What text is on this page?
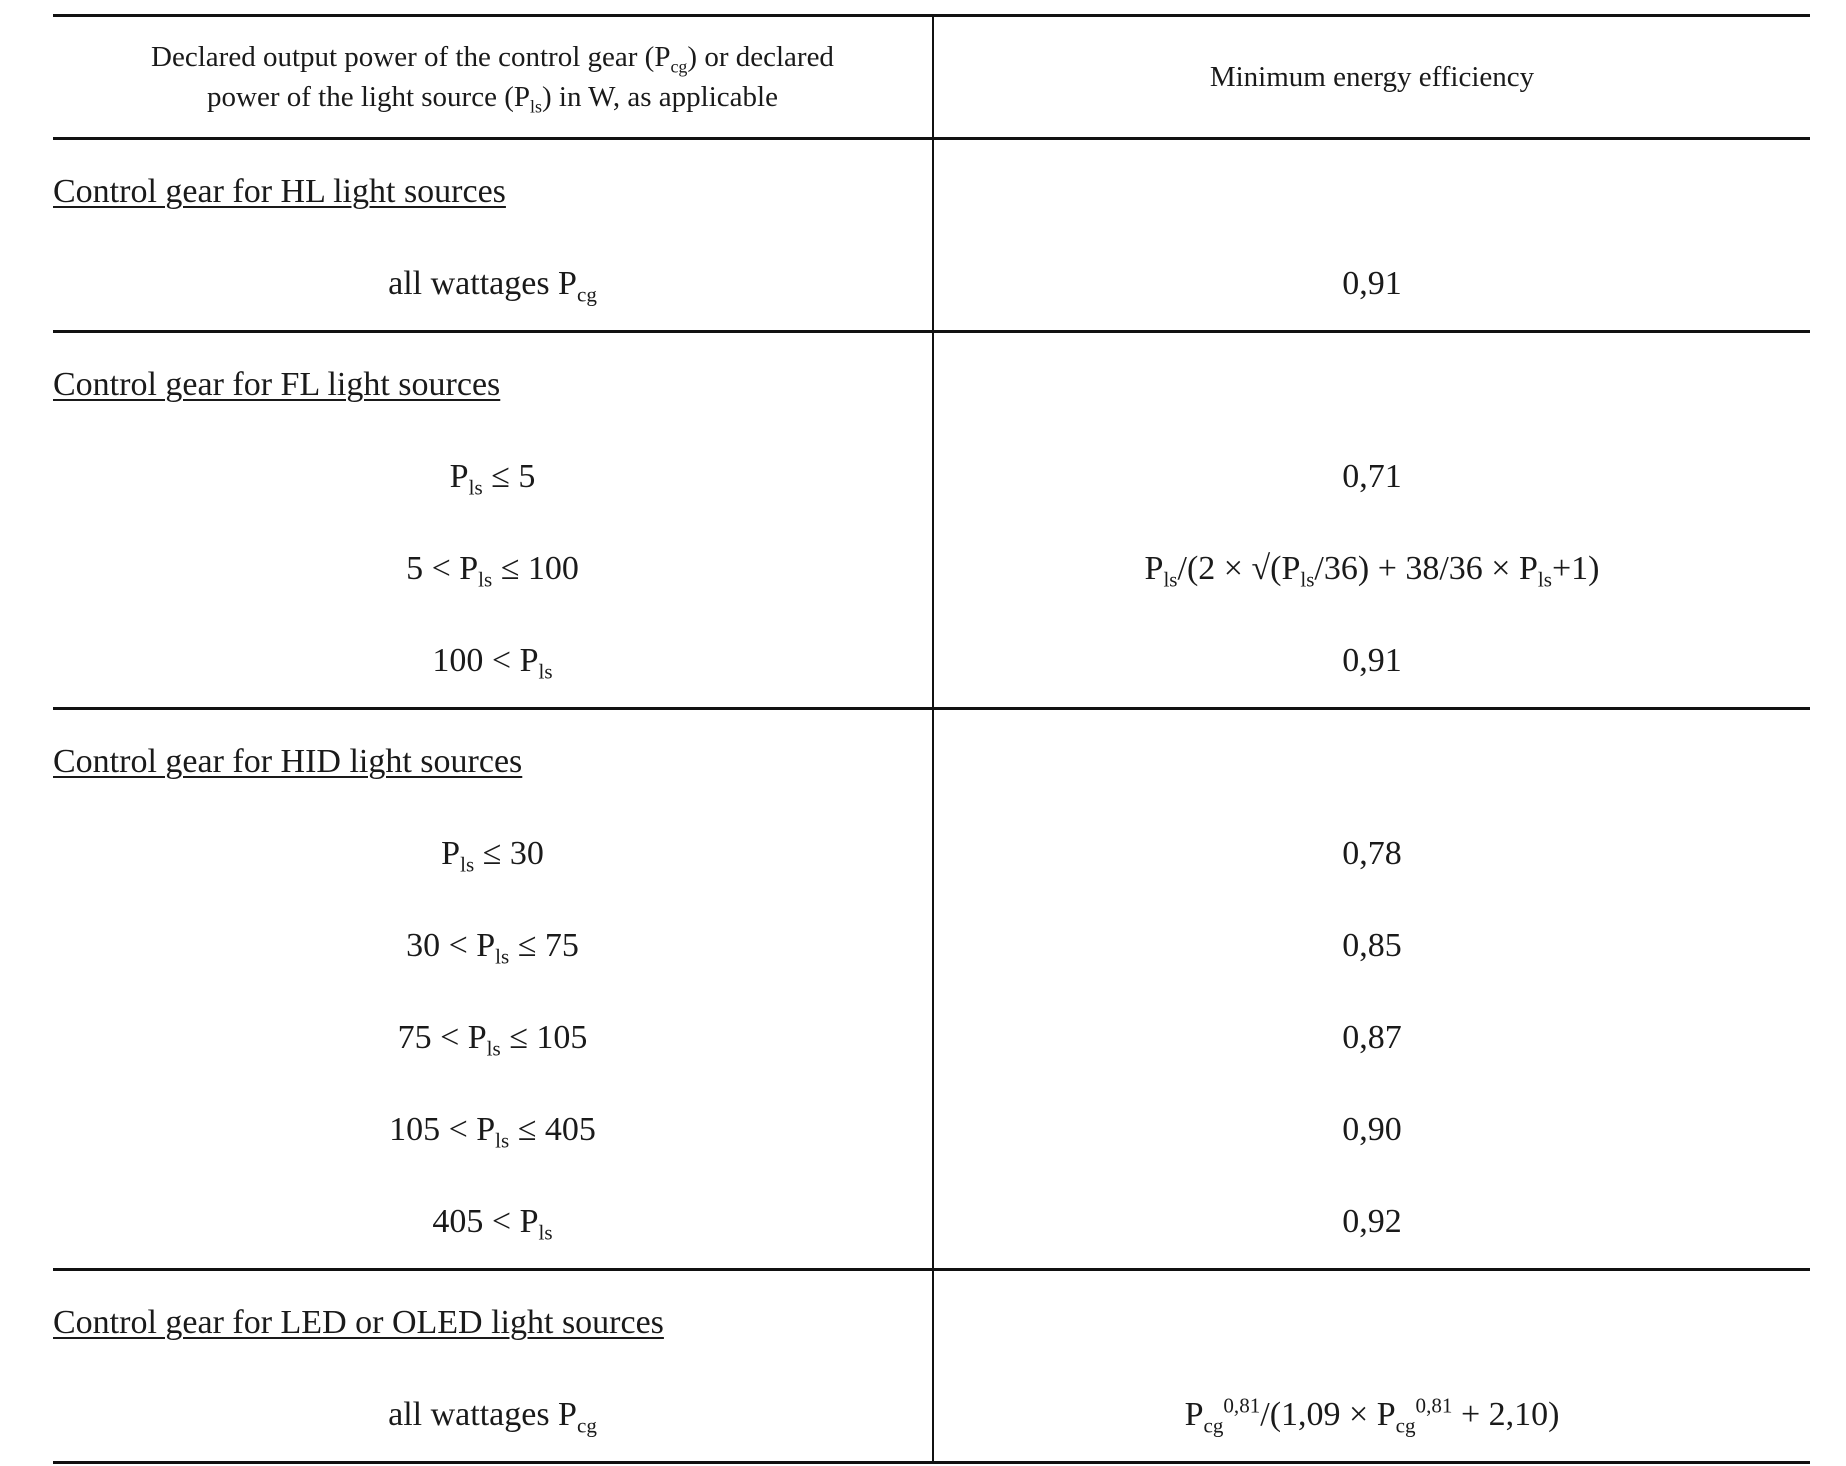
Declared output power of the control gear $(P_{cg})$ or declared
power of the light source $(P_{ls})$ in W, as applicable	Minimum energy efficiency
Control gear for HL light sources	
all wattages $P_{cg}$	0,91
Control gear for FL light sources	
$P_{ls} \le 5$	0,71
$5 < P_{ls} \le 100$	$P_{ls}/(2 \times √(P_{ls}/36) + 38/36 \times P_{ls}+1)$
$100 < P_{ls}$	0,91
Control gear for HID light sources	
$P_{ls} \le 30$	0,78
$30 < P_{ls} \le 75$	0,85
$75 < P_{ls} \le 105$	0,87
$105 < P_{ls} \le 405$	0,90
$405 < P_{ls}$	0,92
Control gear for LED or OLED light sources	
all wattages $P_{cg}$	$P_{cg}^{0,81}/(1,09 \times P_{cg}^{0,81} + 2,10)$
